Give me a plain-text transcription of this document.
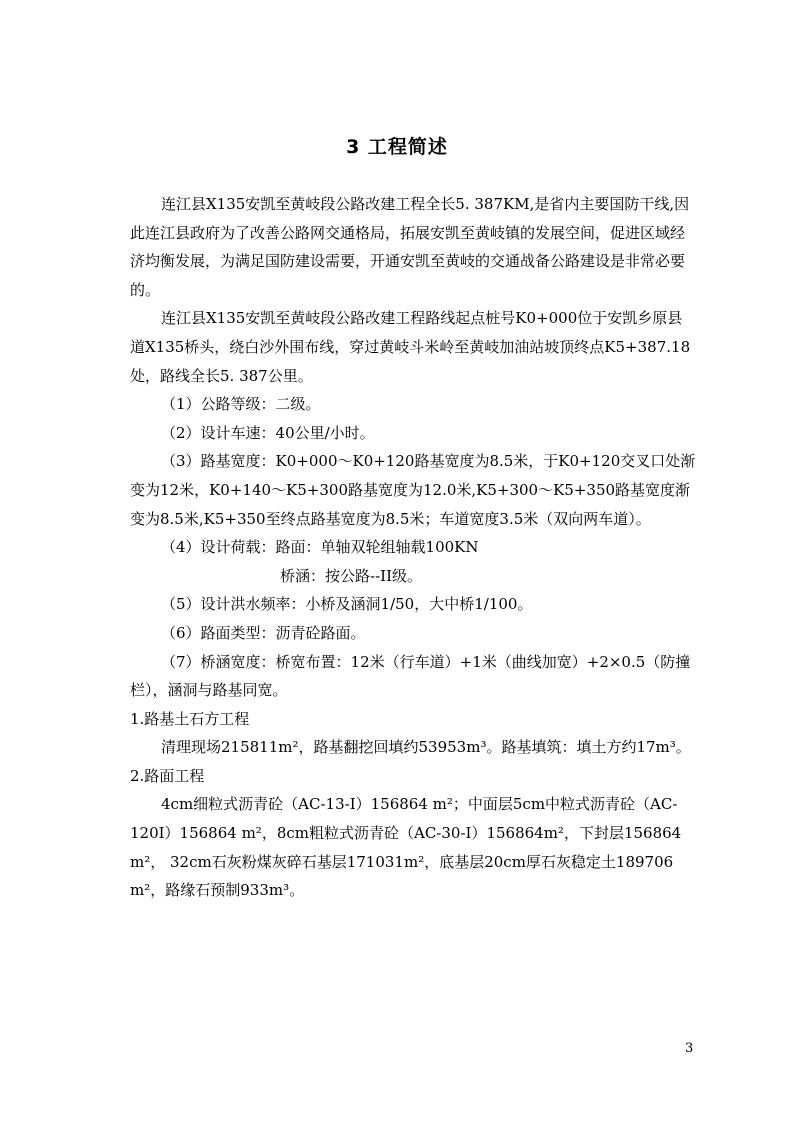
3 工程简述

连江县X135安凯至黄岐段公路改建工程全长5. 387KM,是省内主要国防干线,因此连江县政府为了改善公路网交通格局，拓展安凯至黄岐镇的发展空间，促进区域经济均衡发展，为满足国防建设需要，开通安凯至黄岐的交通战备公路建设是非常必要的。

连江县X135安凯至黄岐段公路改建工程路线起点桩号K0+000位于安凯乡原县道X135桥头，绕白沙外围布线，穿过黄岐斗米岭至黄岐加油站坡顶终点K5+387.18处，路线全长5. 387公里。

（1）公路等级：二级。

（2）设计车速：40公里/小时。

（3）路基宽度：K0+000～K0+120路基宽度为8.5米，于K0+120交叉口处渐变为12米，K0+140～K5+300路基宽度为12.0米,K5+300～K5+350路基宽度渐变为8.5米,K5+350至终点路基宽度为8.5米；车道宽度3.5米（双向两车道）。

（4）设计荷载：路面：单轴双轮组轴载100KN

桥涵：按公路--II级。

（5）设计洪水频率：小桥及涵洞1/50，大中桥1/100。

（6）路面类型：沥青砼路面。

（7）桥涵宽度：桥宽布置：12米（行车道）+1米（曲线加宽）+2×0.5（防撞栏），涵洞与路基同宽。

1.路基土石方工程

清理现场215811m²，路基翻挖回填约53953m³。路基填筑：填土方约17m³。

2.路面工程

4cm细粒式沥青砼（AC-13-I）156864 m²；中面层5cm中粒式沥青砼（AC-120I）156864 m²，8cm粗粒式沥青砼（AC-30-I）156864m²，下封层156864 m²， 32cm石灰粉煤灰碎石基层171031m²，底基层20cm厚石灰稳定土189706 m²，路缘石预制933m³。

3
